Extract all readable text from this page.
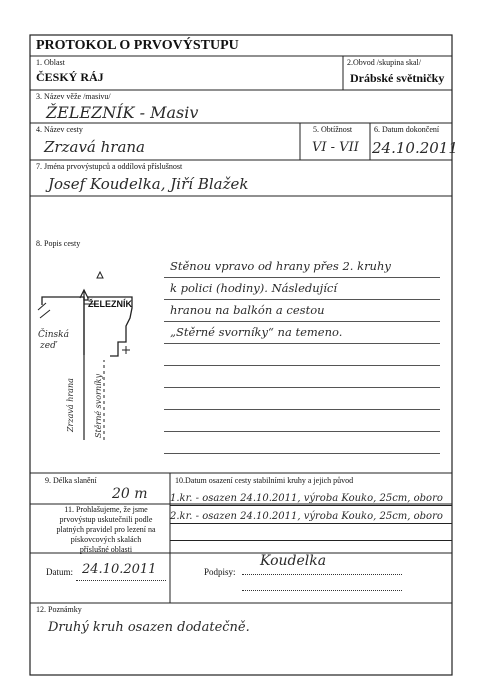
PROTOKOL O PRVOVÝSTUPU
1. Oblast
ČESKÝ RÁJ
2.Obvod /skupina skal/
Drábské světničky
3. Název věže /masivu/
ŽELEZNÍK - Masiv
4. Název cesty
Zrzavá hrana
5. Obtížnost
VI - VII
6. Datum dokončení
24.10.2011
7. Jména prvovýstupců a oddílová příslušnost
Josef Koudelka, Jiří Blažek
8. Popis cesty
Stěnou vpravo od hrany přes 2. kruhy
k polici (hodiny). Následující
hranou na balkón a cestou
„Stěrné svorníky“ na temeno.
ŽELEZNÍK
Činská
zeď
Zrzavá hrana Stěrné svorníky
9. Délka slanění
20 m
10.Datum osazení cesty stabilními kruhy a jejich původ
1.kr. - osazen 24.10.2011, výroba Kouko, 25cm, oboro
2.kr. - osazen 24.10.2011, výroba Kouko, 25cm, oboro
11. Prohlašujeme, že jsme
prvovýstup uskutečnili podle
platných pravidel pro lezení na
pískovcových skalách
příslušné oblasti
Datum: 24.10.2011	Podpisy:
Koudelka
12. Poznámky
Druhý kruh osazen dodatečně.
